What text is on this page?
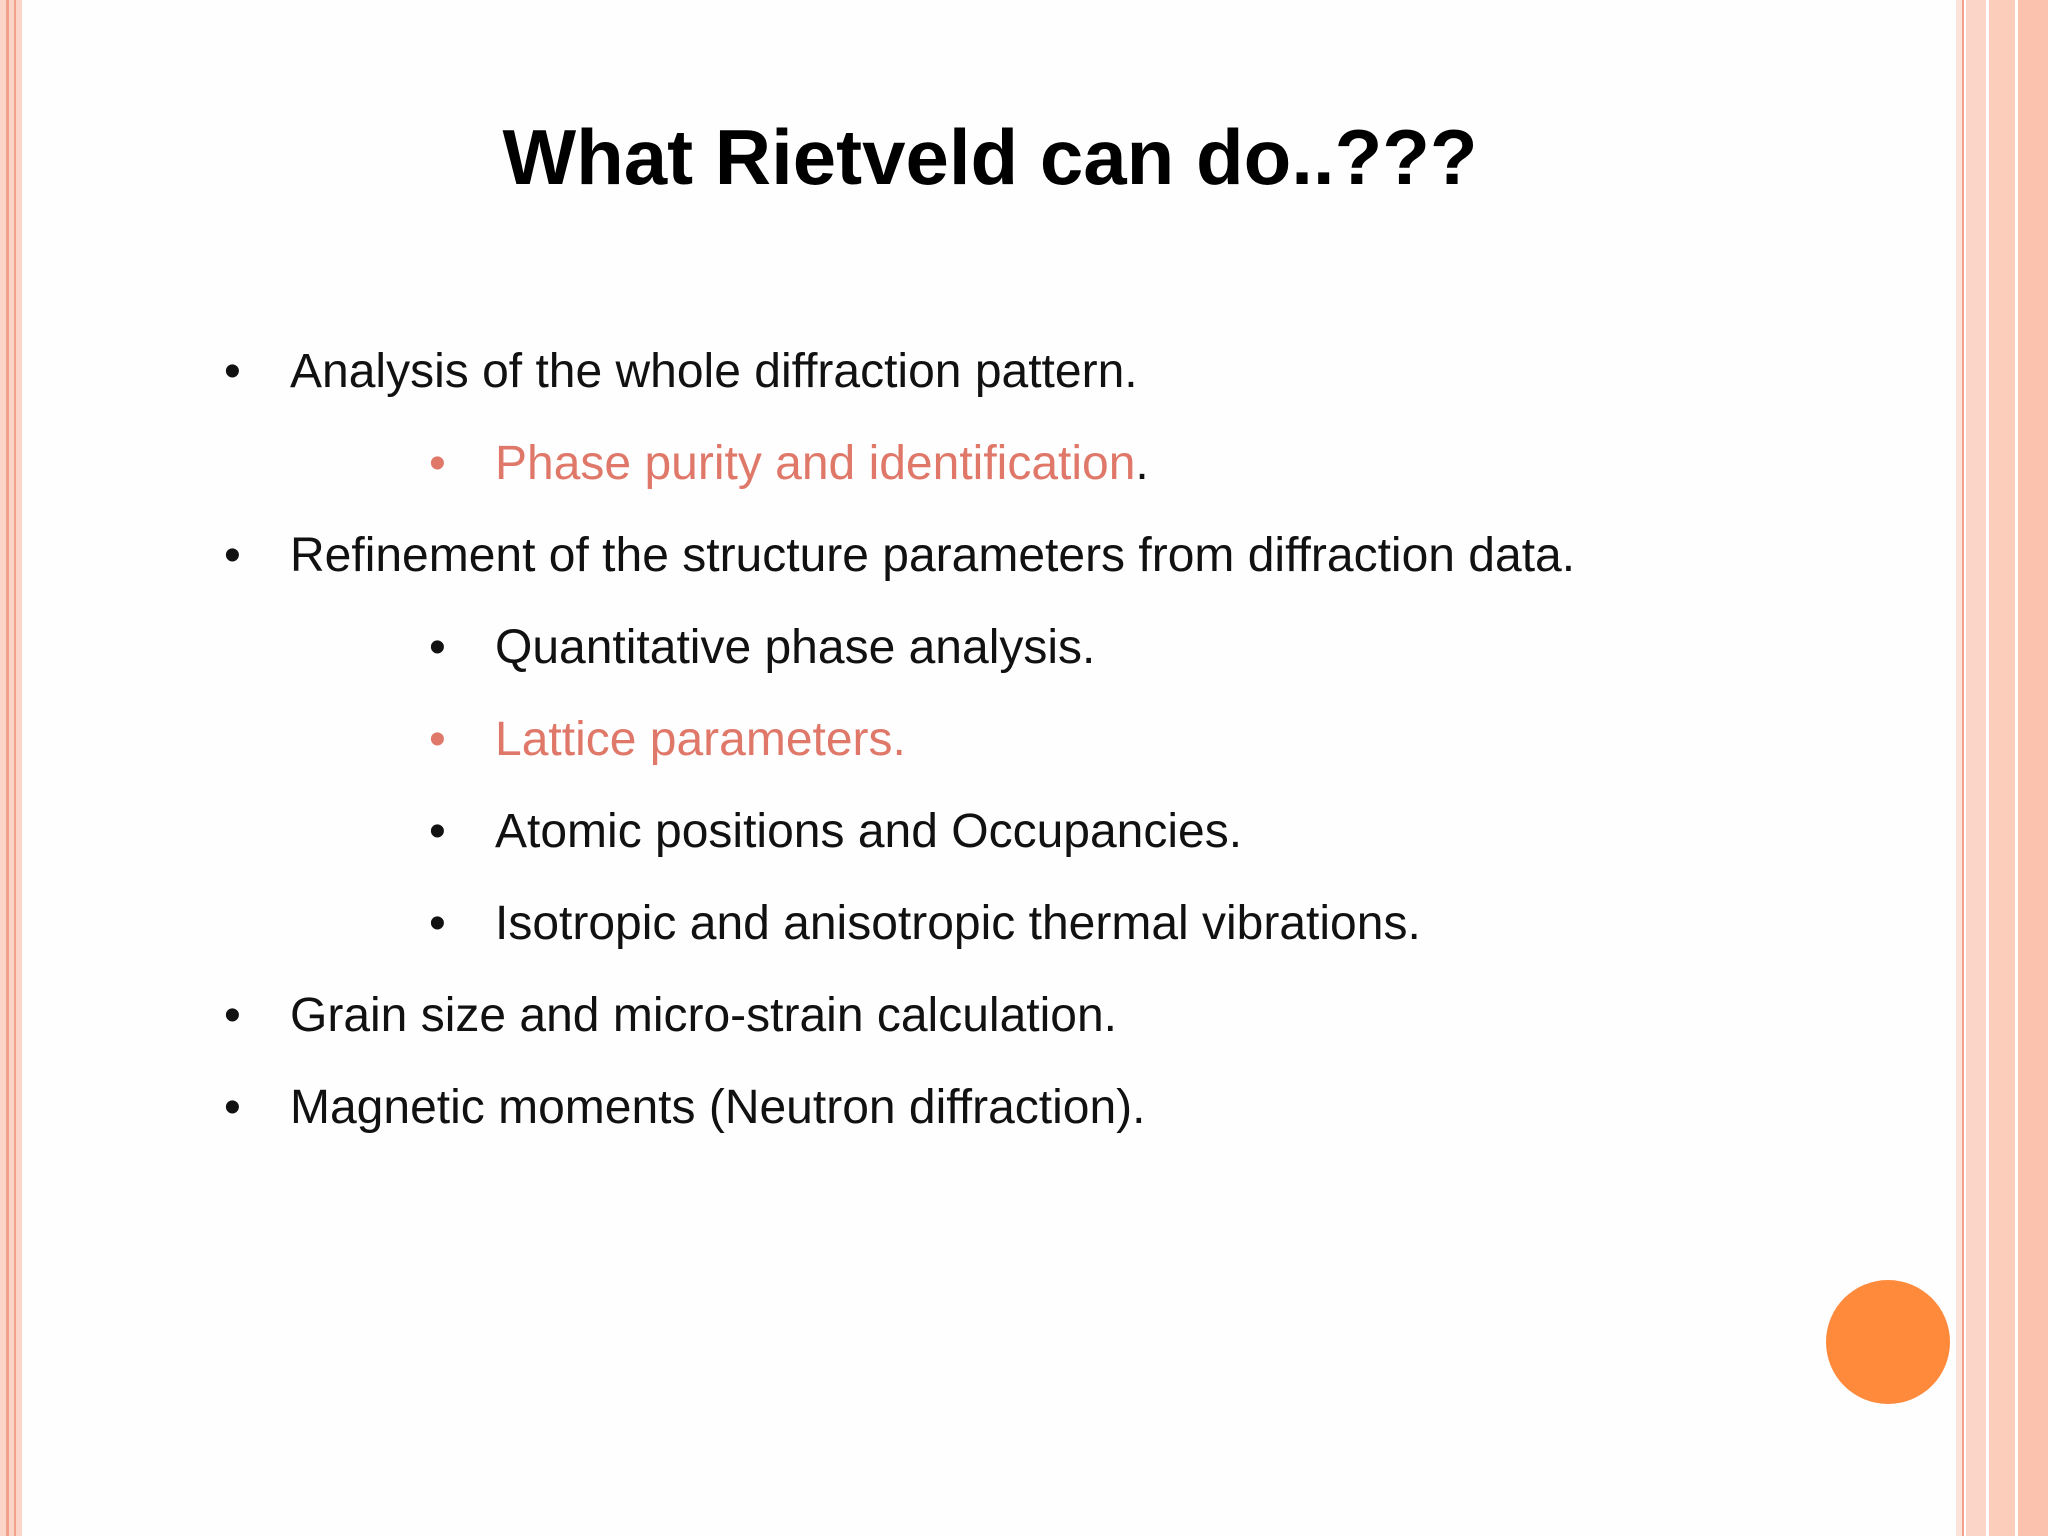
What Rietveld can do..???
• Analysis of the whole diffraction pattern.
• Phase purity and identification.
• Refinement of the structure parameters from diffraction data.
• Quantitative phase analysis.
• Lattice parameters.
• Atomic positions and Occupancies.
• Isotropic and anisotropic thermal vibrations.
• Grain size and micro-strain calculation.
• Magnetic moments (Neutron diffraction).
